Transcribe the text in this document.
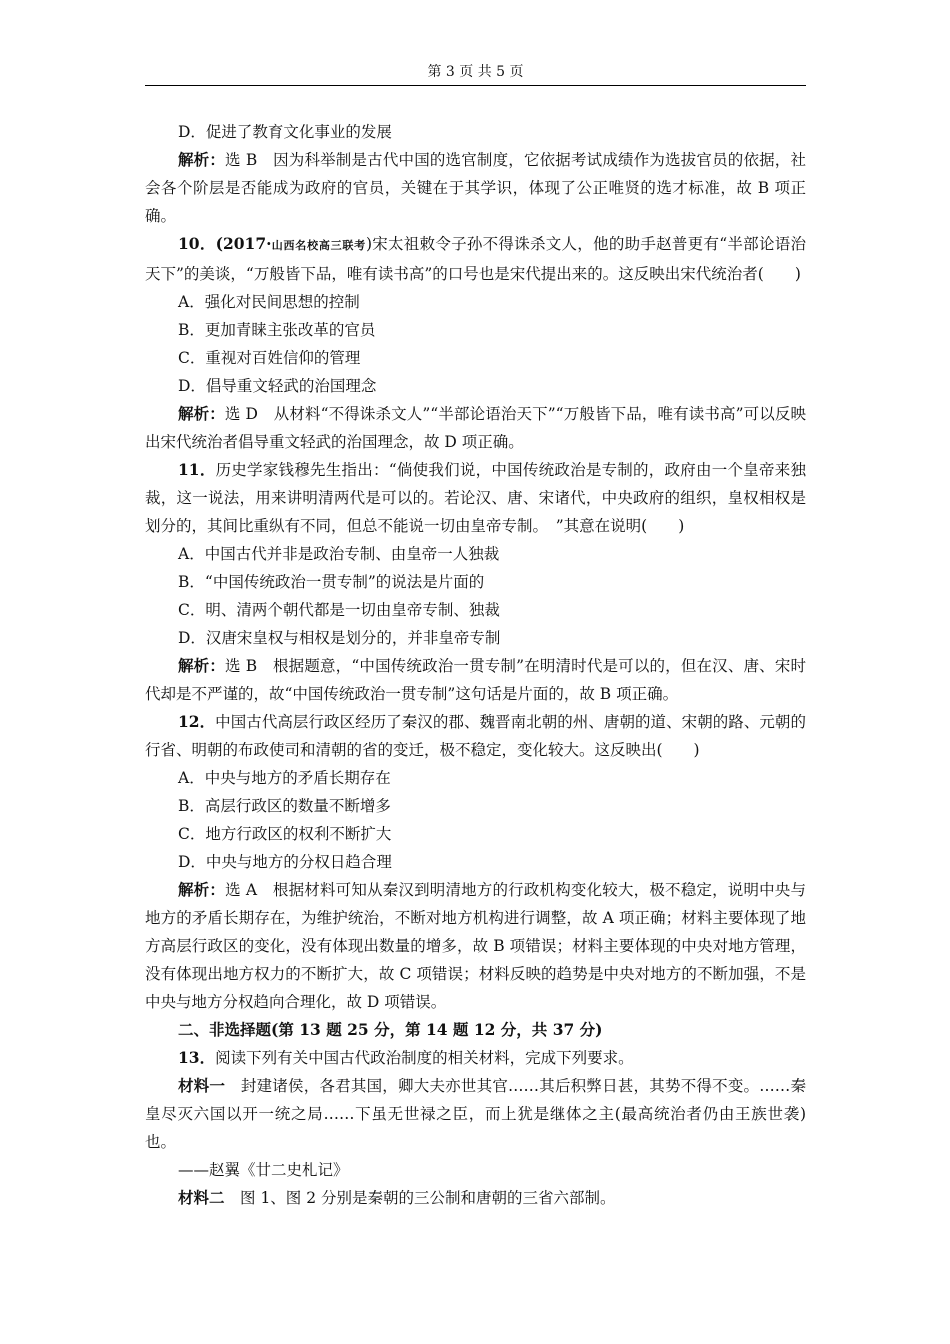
第 3 页 共 5 页

D．促进了教育文化事业的发展

解析：选 B　因为科举制是古代中国的选官制度，它依据考试成绩作为选拔官员的依据，社会各个阶层是否能成为政府的官员，关键在于其学识，体现了公正唯贤的选才标准，故 B 项正确。

10．(2017·山西名校高三联考)宋太祖敕令子孙不得诛杀文人，他的助手赵普更有“半部论语治天下”的美谈，“万般皆下品，唯有读书高”的口号也是宋代提出来的。这反映出宋代统治者(　　)

A．强化对民间思想的控制

B．更加青睐主张改革的官员

C．重视对百姓信仰的管理

D．倡导重文轻武的治国理念

解析：选 D　从材料“不得诛杀文人”“半部论语治天下”“万般皆下品，唯有读书高”可以反映出宋代统治者倡导重文轻武的治国理念，故 D 项正确。

11．历史学家钱穆先生指出：“倘使我们说，中国传统政治是专制的，政府由一个皇帝来独裁，这一说法，用来讲明清两代是可以的。若论汉、唐、宋诸代，中央政府的组织，皇权相权是划分的，其间比重纵有不同，但总不能说一切由皇帝专制。　”其意在说明(　　)

A．中国古代并非是政治专制、由皇帝一人独裁

B．“中国传统政治一贯专制”的说法是片面的

C．明、清两个朝代都是一切由皇帝专制、独裁

D．汉唐宋皇权与相权是划分的，并非皇帝专制

解析：选 B　根据题意，“中国传统政治一贯专制”在明清时代是可以的，但在汉、唐、宋时代却是不严谨的，故“中国传统政治一贯专制”这句话是片面的，故 B 项正确。

12．中国古代高层行政区经历了秦汉的郡、魏晋南北朝的州、唐朝的道、宋朝的路、元朝的行省、明朝的布政使司和清朝的省的变迁，极不稳定，变化较大。这反映出(　　)

A．中央与地方的矛盾长期存在

B．高层行政区的数量不断增多

C．地方行政区的权利不断扩大

D．中央与地方的分权日趋合理

解析：选 A　根据材料可知从秦汉到明清地方的行政机构变化较大，极不稳定，说明中央与地方的矛盾长期存在，为维护统治，不断对地方机构进行调整，故 A 项正确；材料主要体现了地方高层行政区的变化，没有体现出数量的增多，故 B 项错误；材料主要体现的中央对地方管理，没有体现出地方权力的不断扩大，故 C 项错误；材料反映的趋势是中央对地方的不断加强，不是中央与地方分权趋向合理化，故 D 项错误。

二、非选择题(第 13 题 25 分，第 14 题 12 分，共 37 分)

13．阅读下列有关中国古代政治制度的相关材料，完成下列要求。

材料一　封建诸侯，各君其国，卿大夫亦世其官……其后积弊日甚，其势不得不变。……秦皇尽灭六国以开一统之局……下虽无世禄之臣，而上犹是继体之主(最高统治者仍由王族世袭)也。

——赵翼《廿二史札记》

材料二　图 1、图 2 分别是秦朝的三公制和唐朝的三省六部制。
